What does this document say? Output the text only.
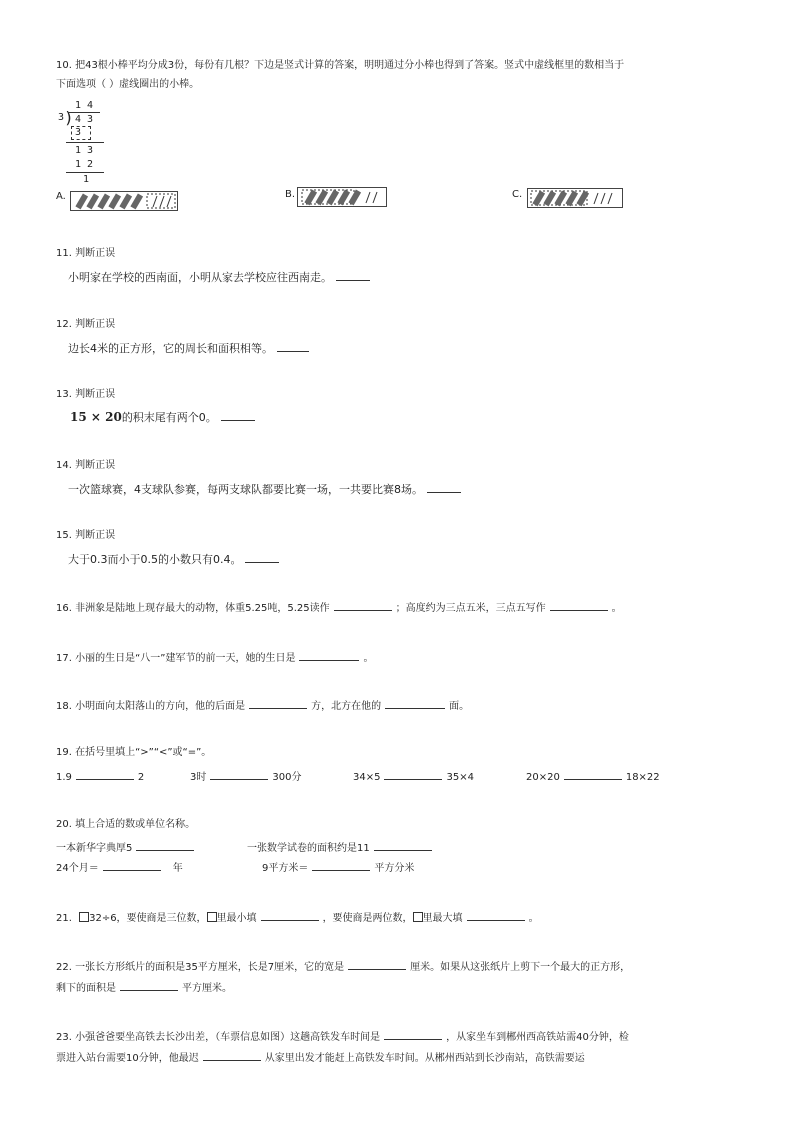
10. 把43根小棒平均分成3份，每份有几根？下边是竖式计算的答案，明明通过分小棒也得到了答案。竖式中虚线框里的数相当于
下面选项（ ）虚线圈出的小棒。
1 4
3 ) 4 3
3
1 3
1 2
1
A.	B.	C.
11. 判断正误
小明家在学校的西南面，小明从家去学校应往西南走。
12. 判断正误
边长4米的正方形，它的周长和面积相等。
13. 判断正误
15 × 20的积末尾有两个0。
14. 判断正误
一次篮球赛，4支球队参赛，每两支球队都要比赛一场，一共要比赛8场。
15. 判断正误
大于0.3而小于0.5的小数只有0.4。
16. 非洲象是陆地上现存最大的动物，体重5.25吨，5.25读作	；高度约为三点五米，三点五写作	。
17. 小丽的生日是“八一”建军节的前一天，她的生日是	。
18. 小明面向太阳落山的方向，他的后面是	方，北方在他的	面。
19. 在括号里填上“>”“<”或“=”。
1.9	2	3时	300分	34×5	35×4	20×20	18×22
20. 填上合适的数或单位名称。
一本新华字典厚5	一张数学试卷的面积约是11
24个月＝	年	9平方米＝	平方分米
21. 32÷6，要使商是三位数， 里最小填	，要使商是两位数， 里最大填	。
22. 一张长方形纸片的面积是35平方厘米，长是7厘米，它的宽是	厘米。如果从这张纸片上剪下一个最大的正方形，
剩下的面积是	平方厘米。
23. 小强爸爸要坐高铁去长沙出差，（车票信息如图）这趟高铁发车时间是	，从家坐车到郴州西高铁站需40分钟，检
票进入站台需要10分钟，他最迟	从家里出发才能赶上高铁发车时间。从郴州西站到长沙南站，高铁需要运
